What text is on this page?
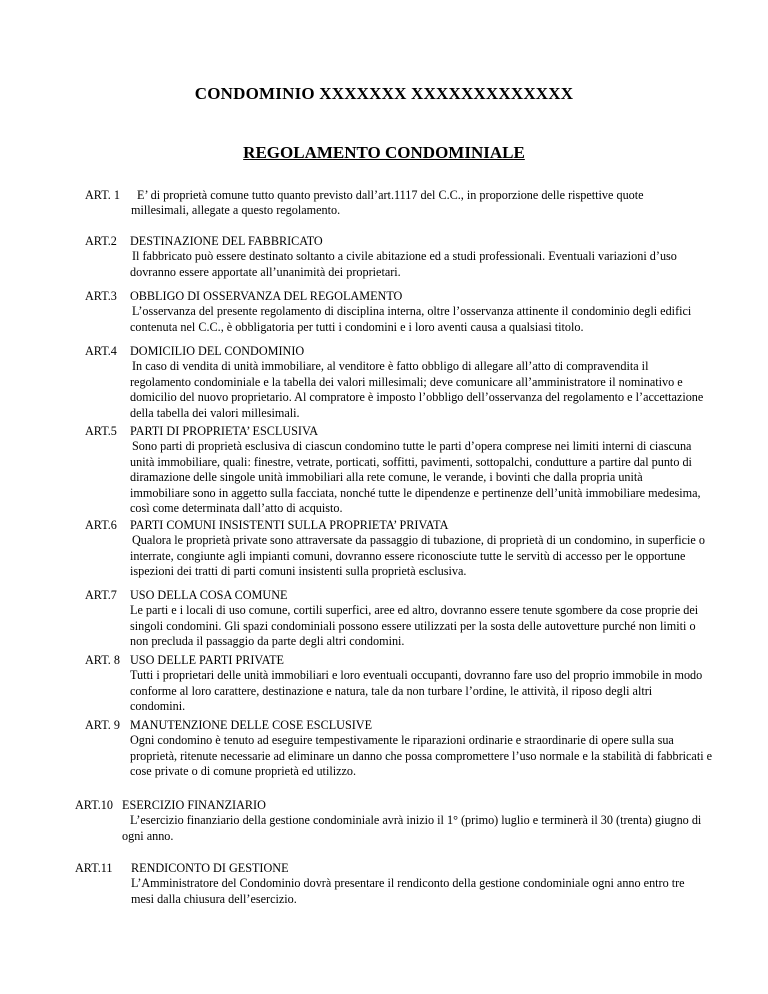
CONDOMINIO XXXXXXX XXXXXXXXXXXXX
REGOLAMENTO CONDOMINIALE
ART. 1	E’ di proprietà comune tutto quanto previsto dall’art.1117 del C.C., in proporzione delle rispettive quote millesimali, allegate a questo regolamento.
ART.2 DESTINAZIONE DEL FABBRICATO
Il fabbricato può essere destinato soltanto a civile abitazione ed a studi professionali. Eventuali variazioni d’uso dovranno essere apportate all’unanimità dei proprietari.
ART.3 OBBLIGO DI OSSERVANZA DEL REGOLAMENTO
L’osservanza del presente regolamento di disciplina interna, oltre l’osservanza attinente il condominio degli edifici contenuta nel C.C., è obbligatoria per tutti i condomini e i loro aventi causa a qualsiasi titolo.
ART.4 DOMICILIO DEL CONDOMINIO
In caso di vendita di unità immobiliare, al venditore è fatto obbligo di allegare all’atto di compravendita il regolamento condominiale e la tabella dei valori millesimali; deve comunicare all’amministratore il nominativo e domicilio del nuovo proprietario. Al compratore è imposto l’obbligo dell’osservanza del regolamento e l’accettazione della tabella dei valori millesimali.
ART.5 PARTI DI PROPRIETA’ ESCLUSIVA
Sono parti di proprietà esclusiva di ciascun condomino tutte le parti d’opera comprese nei limiti interni di ciascuna unità immobiliare, quali: finestre, vetrate, porticati, soffitti, pavimenti, sottopalchi, condutture a partire dal punto di diramazione delle singole unità immobiliari alla rete comune, le verande, i bovinti che dalla propria unità immobiliare sono in aggetto sulla facciata, nonché tutte le dipendenze e pertinenze dell’unità immobiliare medesima, così come determinata dall’atto di acquisto.
ART.6 PARTI COMUNI INSISTENTI SULLA PROPRIETA’ PRIVATA
Qualora le proprietà private sono attraversate da passaggio di tubazione, di proprietà di un condomino, in superficie o interrate, congiunte agli impianti comuni, dovranno essere riconosciute tutte le servitù di accesso per le opportune ispezioni dei tratti di parti comuni insistenti sulla proprietà esclusiva.
ART.7 USO DELLA COSA COMUNE
Le parti e i locali di uso comune, cortili superfici, aree ed altro, dovranno essere tenute sgombere da cose proprie dei singoli condomini. Gli spazi condominiali possono essere utilizzati per la sosta delle autovetture purché non limiti o non precluda il passaggio da parte degli altri condomini.
ART. 8 USO DELLE PARTI PRIVATE
Tutti i proprietari delle unità immobiliari e loro eventuali occupanti, dovranno fare uso del proprio immobile in modo conforme al loro carattere, destinazione e natura, tale da non turbare l’ordine, le attività, il riposo degli altri condomini.
ART. 9 MANUTENZIONE DELLE COSE ESCLUSIVE
Ogni condomino è tenuto ad eseguire tempestivamente le riparazioni ordinarie e straordinarie di opere sulla sua proprietà, ritenute necessarie ad eliminare un danno che possa compromettere l’uso normale e la stabilità di fabbricati e cose private o di comune proprietà ed utilizzo.
ART.10 ESERCIZIO FINANZIARIO
L’esercizio finanziario della gestione condominiale avrà inizio il 1° (primo) luglio e terminerà il 30 (trenta) giugno di ogni anno.
ART.11 RENDICONTO DI GESTIONE
L’Amministratore del Condominio dovrà presentare il rendiconto della gestione condominiale ogni anno entro tre mesi dalla chiusura dell’esercizio.
